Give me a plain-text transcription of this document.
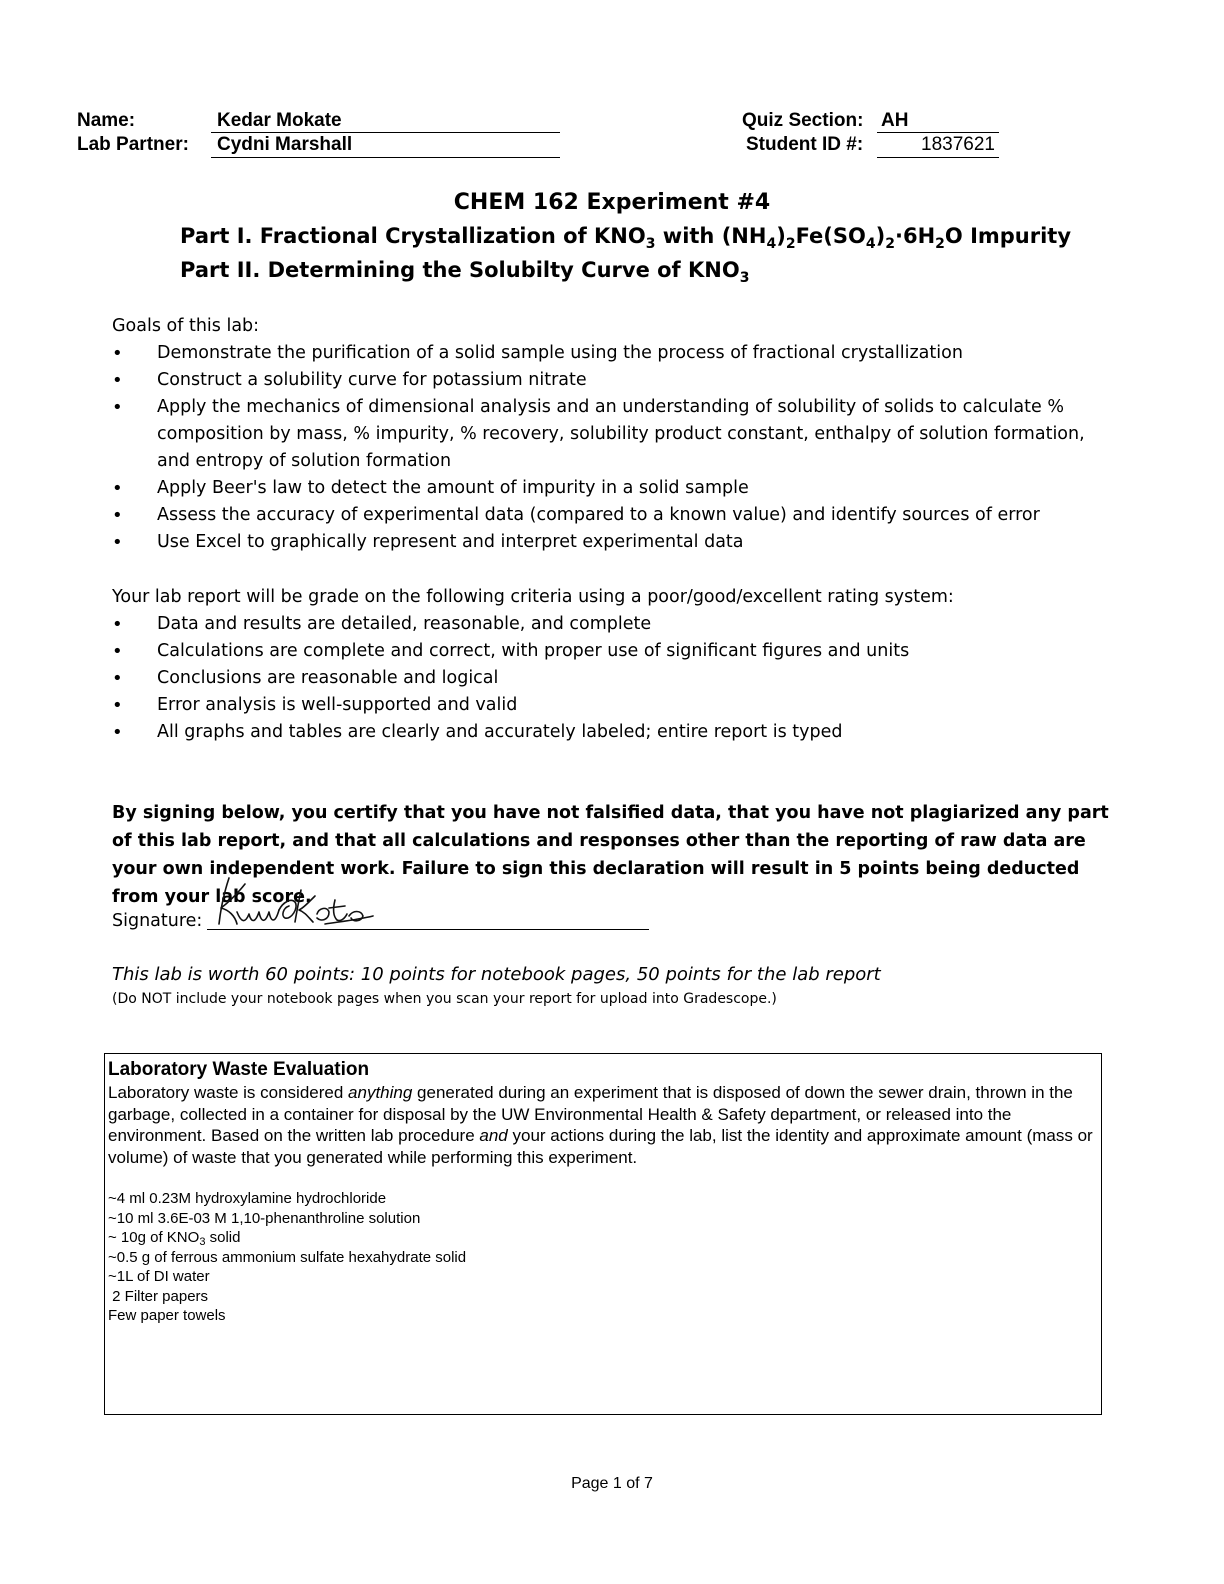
Name:	Kedar Mokate
Lab Partner: Cydni Marshall
Quiz Section: AH
Student ID #:	1837621
CHEM 162 Experiment #4
Part I. Fractional Crystallization of $KNO_3$ with $(NH_4)_2Fe(SO_4)_2\cdot 6H_2O$ Impurity
Part II. Determining the Solubilty Curve of $KNO_3$
Goals of this lab:
• Demonstrate the purification of a solid sample using the process of fractional crystallization
• Construct a solubility curve for potassium nitrate
• Apply the mechanics of dimensional analysis and an understanding of solubility of solids to calculate % composition by mass, % impurity, % recovery, solubility product constant, enthalpy of solution formation, and entropy of solution formation
• Apply Beer's law to detect the amount of impurity in a solid sample
• Assess the accuracy of experimental data (compared to a known value) and identify sources of error
• Use Excel to graphically represent and interpret experimental data
Your lab report will be grade on the following criteria using a poor/good/excellent rating system:
• Data and results are detailed, reasonable, and complete
• Calculations are complete and correct, with proper use of significant figures and units
• Conclusions are reasonable and logical
• Error analysis is well-supported and valid
• All graphs and tables are clearly and accurately labeled; entire report is typed
By signing below, you certify that you have not falsified data, that you have not plagiarized any part of this lab report, and that all calculations and responses other than the reporting of raw data are your own independent work. Failure to sign this declaration will result in 5 points being deducted from your lab score.
Signature:
This lab is worth 60 points: 10 points for notebook pages, 50 points for the lab report
(Do NOT include your notebook pages when you scan your report for upload into Gradescope.)
Laboratory Waste Evaluation
Laboratory waste is considered anything generated during an experiment that is disposed of down the sewer drain, thrown in the garbage, collected in a container for disposal by the UW Environmental Health & Safety department, or released into the environment. Based on the written lab procedure and your actions during the lab, list the identity and approximate amount (mass or volume) of waste that you generated while performing this experiment.
~4 ml 0.23M hydroxylamine hydrochloride
~10 ml 3.6E-03 M 1,10-phenanthroline solution
~ 10g of $KNO_3$ solid
~0.5 g of ferrous ammonium sulfate hexahydrate solid
~1L of DI water
2 Filter papers
Few paper towels
Page 1 of 7
